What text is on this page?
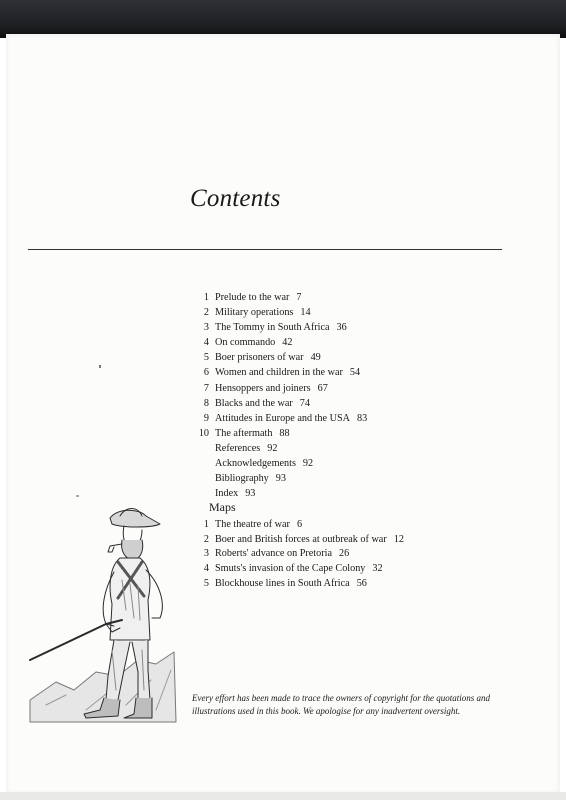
Contents
1 Prelude to the war 7
2 Military operations 14
3 The Tommy in South Africa 36
4 On commando 42
5 Boer prisoners of war 49
6 Women and children in the war 54
7 Hensoppers and joiners 67
8 Blacks and the war 74
9 Attitudes in Europe and the USA 83
10 The aftermath 88
References 92
Acknowledgements 92
Bibliography 93
Index 93
Maps
1 The theatre of war 6
2 Boer and British forces at outbreak of war 12
3 Roberts' advance on Pretoria 26
4 Smuts's invasion of the Cape Colony 32
5 Blockhouse lines in South Africa 56

Every effort has been made to trace the owners of copyright for the quotations and illustrations used in this book. We apologise for any inadvertent oversight.
